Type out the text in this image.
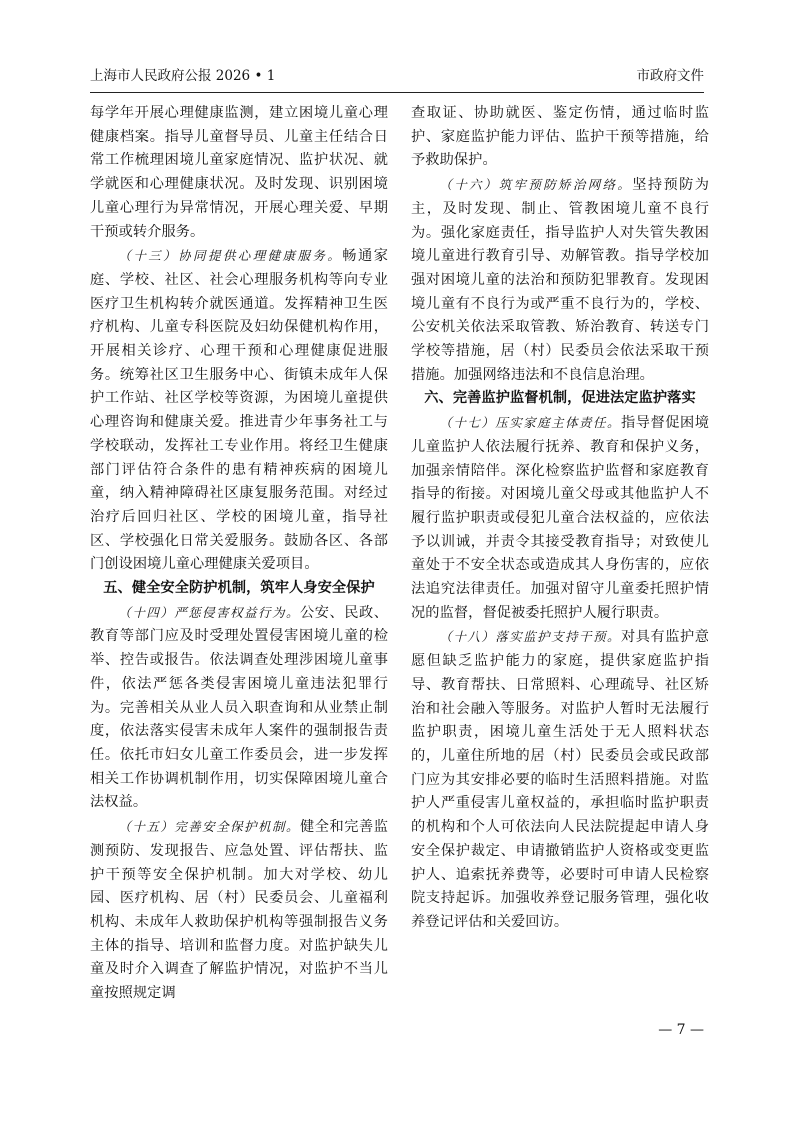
上海市人民政府公报 2026 • 1	市政府文件

每学年开展心理健康监测，建立困境儿童心理健康档案。指导儿童督导员、儿童主任结合日常工作梳理困境儿童家庭情况、监护状况、就学就医和心理健康状况。及时发现、识别困境儿童心理行为异常情况，开展心理关爱、早期干预或转介服务。

（十三）协同提供心理健康服务。畅通家庭、学校、社区、社会心理服务机构等向专业医疗卫生机构转介就医通道。发挥精神卫生医疗机构、儿童专科医院及妇幼保健机构作用，开展相关诊疗、心理干预和心理健康促进服务。统筹社区卫生服务中心、街镇未成年人保护工作站、社区学校等资源，为困境儿童提供心理咨询和健康关爱。推进青少年事务社工与学校联动，发挥社工专业作用。将经卫生健康部门评估符合条件的患有精神疾病的困境儿童，纳入精神障碍社区康复服务范围。对经过治疗后回归社区、学校的困境儿童，指导社区、学校强化日常关爱服务。鼓励各区、各部门创设困境儿童心理健康关爱项目。

五、健全安全防护机制，筑牢人身安全保护

（十四）严惩侵害权益行为。公安、民政、教育等部门应及时受理处置侵害困境儿童的检举、控告或报告。依法调查处理涉困境儿童事件，依法严惩各类侵害困境儿童违法犯罪行为。完善相关从业人员入职查询和从业禁止制度，依法落实侵害未成年人案件的强制报告责任。依托市妇女儿童工作委员会，进一步发挥相关工作协调机制作用，切实保障困境儿童合法权益。

（十五）完善安全保护机制。健全和完善监测预防、发现报告、应急处置、评估帮扶、监护干预等安全保护机制。加大对学校、幼儿园、医疗机构、居（村）民委员会、儿童福利机构、未成年人救助保护机构等强制报告义务主体的指导、培训和监督力度。对监护缺失儿童及时介入调查了解监护情况，对监护不当儿童按照规定调

查取证、协助就医、鉴定伤情，通过临时监护、家庭监护能力评估、监护干预等措施，给予救助保护。

（十六）筑牢预防矫治网络。坚持预防为主，及时发现、制止、管教困境儿童不良行为。强化家庭责任，指导监护人对失管失教困境儿童进行教育引导、劝解管教。指导学校加强对困境儿童的法治和预防犯罪教育。发现困境儿童有不良行为或严重不良行为的，学校、公安机关依法采取管教、矫治教育、转送专门学校等措施，居（村）民委员会依法采取干预措施。加强网络违法和不良信息治理。

六、完善监护监督机制，促进法定监护落实

（十七）压实家庭主体责任。指导督促困境儿童监护人依法履行抚养、教育和保护义务，加强亲情陪伴。深化检察监护监督和家庭教育指导的衔接。对困境儿童父母或其他监护人不履行监护职责或侵犯儿童合法权益的，应依法予以训诫，并责令其接受教育指导；对致使儿童处于不安全状态或造成其人身伤害的，应依法追究法律责任。加强对留守儿童委托照护情况的监督，督促被委托照护人履行职责。

（十八）落实监护支持干预。对具有监护意愿但缺乏监护能力的家庭，提供家庭监护指导、教育帮扶、日常照料、心理疏导、社区矫治和社会融入等服务。对监护人暂时无法履行监护职责，困境儿童生活处于无人照料状态的，儿童住所地的居（村）民委员会或民政部门应为其安排必要的临时生活照料措施。对监护人严重侵害儿童权益的，承担临时监护职责的机构和个人可依法向人民法院提起申请人身安全保护裁定、申请撤销监护人资格或变更监护人、追索抚养费等，必要时可申请人民检察院支持起诉。加强收养登记服务管理，强化收养登记评估和关爱回访。

— 7 —
